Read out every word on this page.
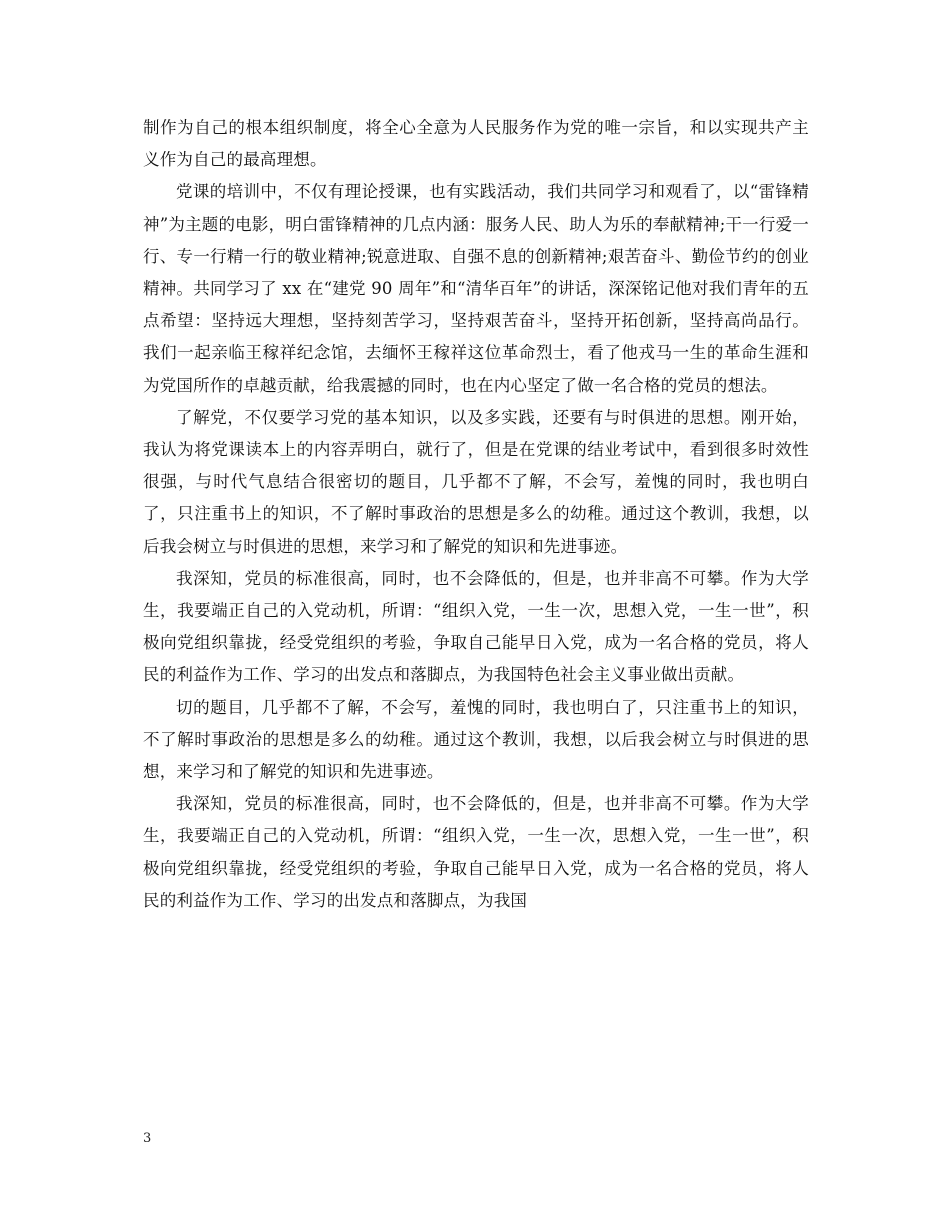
制作为自己的根本组织制度，将全心全意为人民服务作为党的唯一宗旨，和以实现共产主义作为自己的最高理想。

党课的培训中，不仅有理论授课，也有实践活动，我们共同学习和观看了，以“雷锋精神”为主题的电影，明白雷锋精神的几点内涵：服务人民、助人为乐的奉献精神;干一行爱一行、专一行精一行的敬业精神;锐意进取、自强不息的创新精神;艰苦奋斗、勤俭节约的创业精神。共同学习了 xx 在“建党 90 周年”和“清华百年”的讲话，深深铭记他对我们青年的五点希望：坚持远大理想，坚持刻苦学习，坚持艰苦奋斗，坚持开拓创新，坚持高尚品行。我们一起亲临王稼祥纪念馆，去缅怀王稼祥这位革命烈士，看了他戎马一生的革命生涯和为党国所作的卓越贡献，给我震撼的同时，也在内心坚定了做一名合格的党员的想法。

了解党，不仅要学习党的基本知识，以及多实践，还要有与时俱进的思想。刚开始，我认为将党课读本上的内容弄明白，就行了，但是在党课的结业考试中，看到很多时效性很强，与时代气息结合很密切的题目，几乎都不了解，不会写，羞愧的同时，我也明白了，只注重书上的知识，不了解时事政治的思想是多么的幼稚。通过这个教训，我想，以后我会树立与时俱进的思想，来学习和了解党的知识和先进事迹。

我深知，党员的标准很高，同时，也不会降低的，但是，也并非高不可攀。作为大学生，我要端正自己的入党动机，所谓：“组织入党，一生一次，思想入党，一生一世”，积极向党组织靠拢，经受党组织的考验，争取自己能早日入党，成为一名合格的党员，将人民的利益作为工作、学习的出发点和落脚点，为我国特色社会主义事业做出贡献。

切的题目，几乎都不了解，不会写，羞愧的同时，我也明白了，只注重书上的知识，不了解时事政治的思想是多么的幼稚。通过这个教训，我想，以后我会树立与时俱进的思想，来学习和了解党的知识和先进事迹。

我深知，党员的标准很高，同时，也不会降低的，但是，也并非高不可攀。作为大学生，我要端正自己的入党动机，所谓：“组织入党，一生一次，思想入党，一生一世”，积极向党组织靠拢，经受党组织的考验，争取自己能早日入党，成为一名合格的党员，将人民的利益作为工作、学习的出发点和落脚点，为我国

3
